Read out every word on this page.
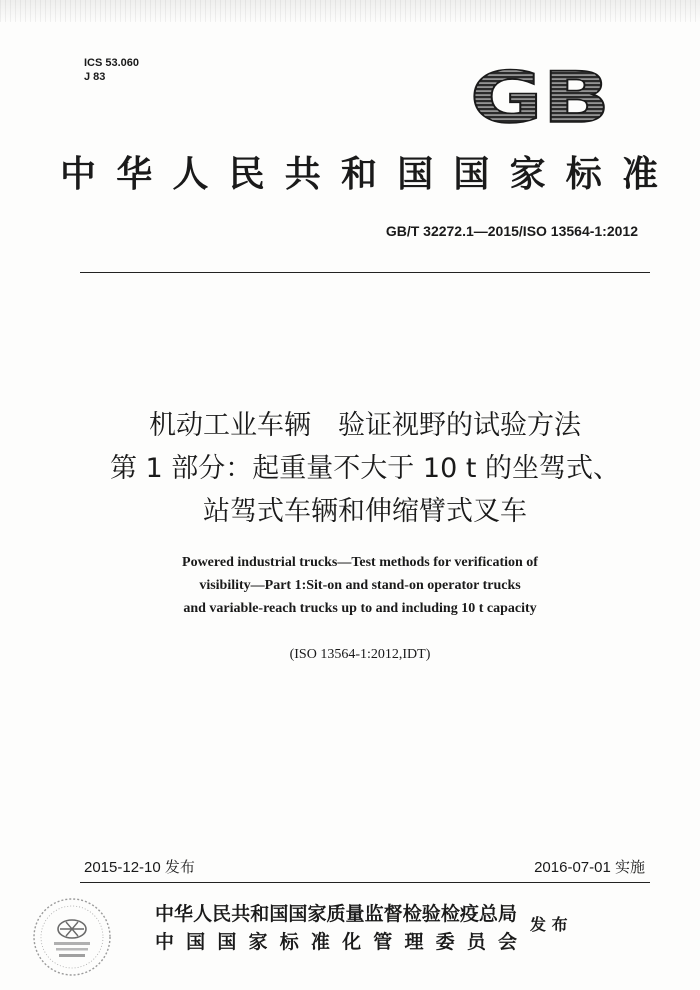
ICS 53.060
J 83	GB
中华人民共和国国家标准
GB/T 32272.1—2015/ISO 13564-1:2012
机动工业车辆　验证视野的试验方法
第 1 部分：起重量不大于 10 t 的坐驾式、
站驾式车辆和伸缩臂式叉车
Powered industrial trucks—Test methods for verification of
visibility—Part 1:Sit-on and stand-on operator trucks
and variable-reach trucks up to and including 10 t capacity
(ISO 13564-1:2012,IDT)
2015-12-10 发布	2016-07-01 实施
中华人民共和国国家质量监督检验检疫总局
中 国 国 家 标 准 化 管 理 委 员 会
发 布
